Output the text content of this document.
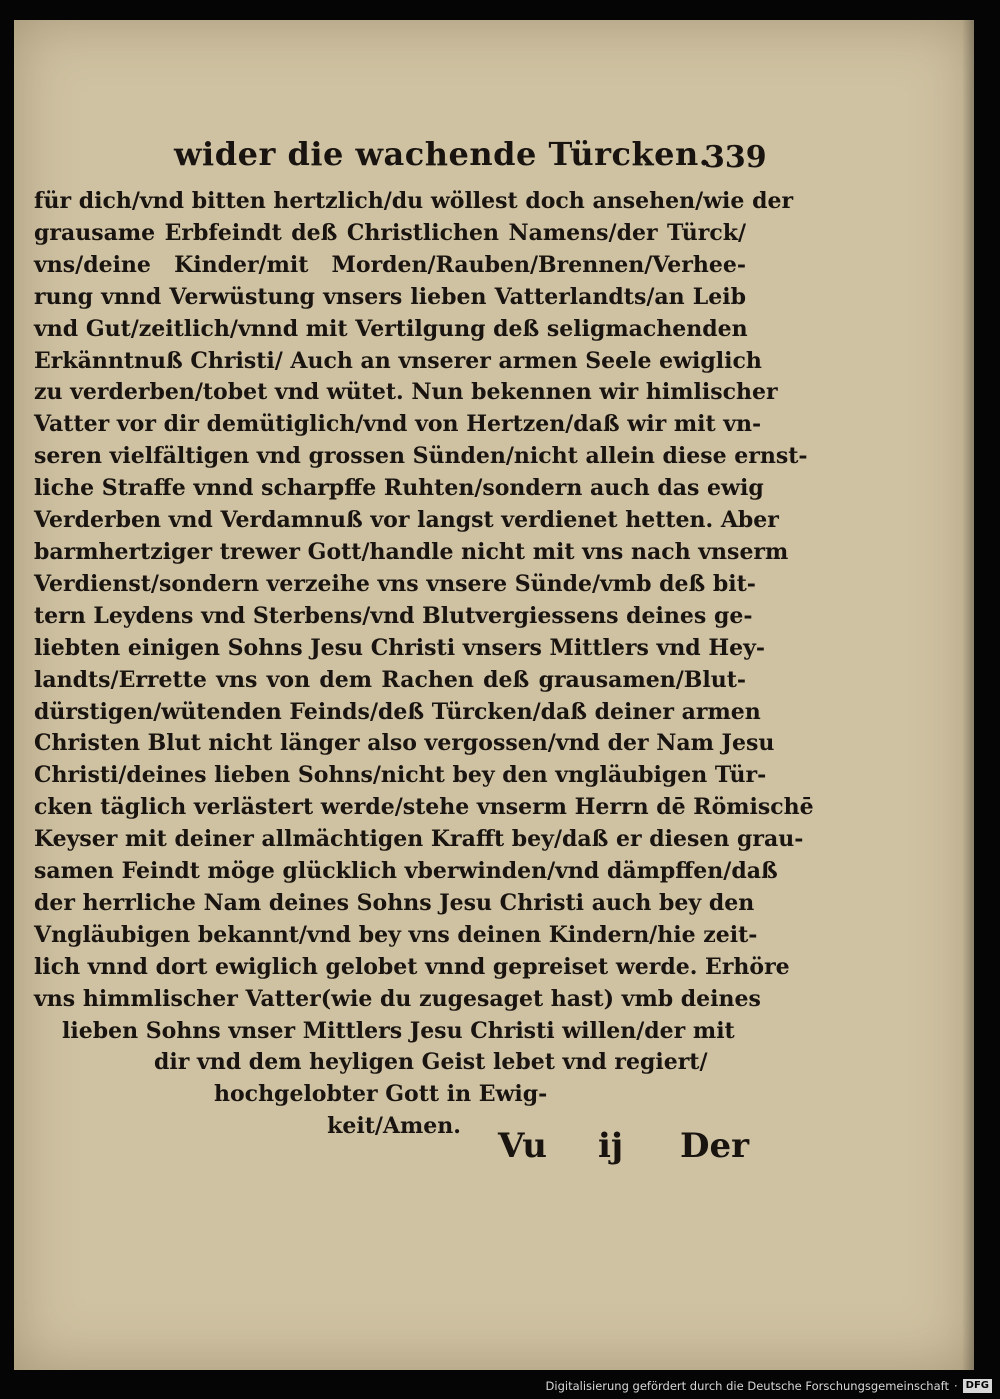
wider die wachende Türcken.
339
für dich/vnd bitten hertzlich/du wöllest doch ansehen/wie der
grausame Erbfeindt deß Christlichen Namens/der Türck/
vns/deine Kinder/mit Morden/Rauben/Brennen/Verhee-
rung vnnd Verwüstung vnsers lieben Vatterlandts/an Leib
vnd Gut/zeitlich/vnnd mit Vertilgung deß seligmachenden
Erkänntnuß Christi/ Auch an vnserer armen Seele ewiglich
zu verderben/tobet vnd wütet. Nun bekennen wir himlischer
Vatter vor dir demütiglich/vnd von Hertzen/daß wir mit vn-
seren vielfältigen vnd grossen Sünden/nicht allein diese ernst-
liche Straffe vnnd scharpffe Ruhten/sondern auch das ewig
Verderben vnd Verdamnuß vor langst verdienet hetten. Aber
barmhertziger trewer Gott/handle nicht mit vns nach vnserm
Verdienst/sondern verzeihe vns vnsere Sünde/vmb deß bit-
tern Leydens vnd Sterbens/vnd Blutvergiessens deines ge-
liebten einigen Sohns Jesu Christi vnsers Mittlers vnd Hey-
landts/Errette vns von dem Rachen deß grausamen/Blut-
dürstigen/wütenden Feinds/deß Türcken/daß deiner armen
Christen Blut nicht länger also vergossen/vnd der Nam Jesu
Christi/deines lieben Sohns/nicht bey den vngläubigen Tür-
cken täglich verlästert werde/stehe vnserm Herrn dē Römischē
Keyser mit deiner allmächtigen Krafft bey/daß er diesen grau-
samen Feindt möge glücklich vberwinden/vnd dämpffen/daß
der herrliche Nam deines Sohns Jesu Christi auch bey den
Vngläubigen bekannt/vnd bey vns deinen Kindern/hie zeit-
lich vnnd dort ewiglich gelobet vnnd gepreiset werde. Erhöre
vns himmlischer Vatter(wie du zugesaget hast) vmb deines
lieben Sohns vnser Mittlers Jesu Christi willen/der mit
dir vnd dem heyligen Geist lebet vnd regiert/
hochgelobter Gott in Ewig-
keit/Amen.	Vu ij Der
Digitalisierung gefördert durch die Deutsche Forschungsgemeinschaft · DFG
